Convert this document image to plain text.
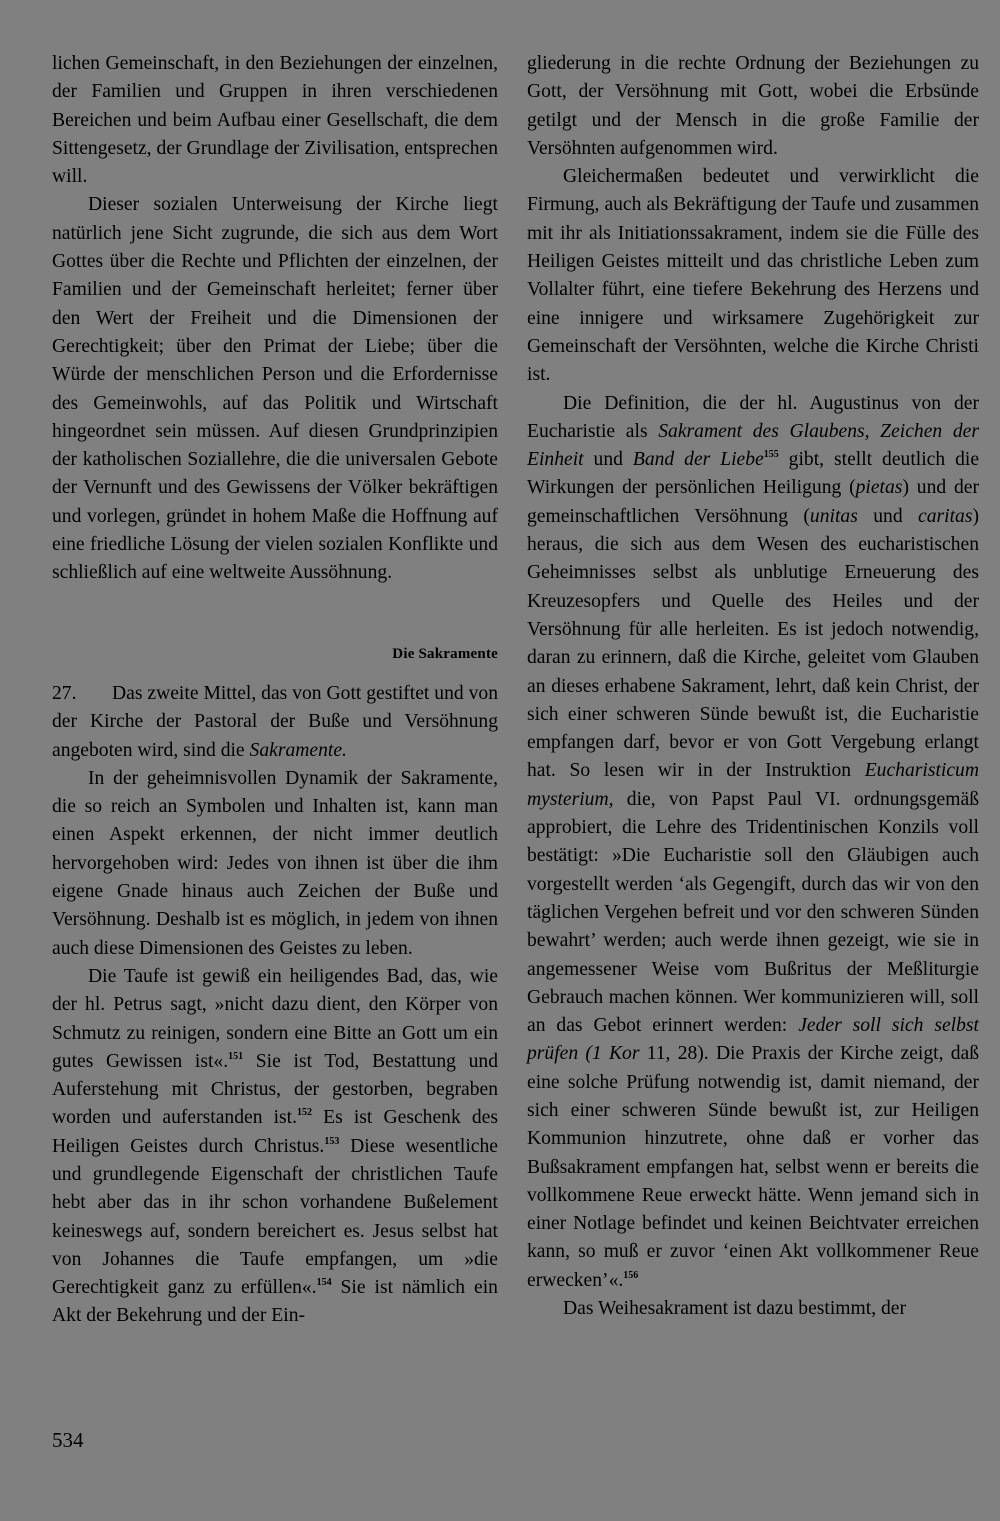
lichen Gemeinschaft, in den Beziehungen der einzelnen, der Familien und Gruppen in ihren verschiedenen Bereichen und beim Aufbau einer Gesellschaft, die dem Sittengesetz, der Grundlage der Zivilisation, entsprechen will.

Dieser sozialen Unterweisung der Kirche liegt natürlich jene Sicht zugrunde, die sich aus dem Wort Gottes über die Rechte und Pflichten der einzelnen, der Familien und der Gemeinschaft herleitet; ferner über den Wert der Freiheit und die Dimensionen der Gerechtigkeit; über den Primat der Liebe; über die Würde der menschlichen Person und die Erfordernisse des Gemeinwohls, auf das Politik und Wirtschaft hingeordnet sein müssen. Auf diesen Grundprinzipien der katholischen Soziallehre, die die universalen Gebote der Vernunft und des Gewissens der Völker bekräftigen und vorlegen, gründet in hohem Maße die Hoffnung auf eine friedliche Lösung der vielen sozialen Konflikte und schließlich auf eine weltweite Aussöhnung.

Die Sakramente

27. Das zweite Mittel, das von Gott gestiftet und von der Kirche der Pastoral der Buße und Versöhnung angeboten wird, sind die Sakramente.

In der geheimnisvollen Dynamik der Sakramente, die so reich an Symbolen und Inhalten ist, kann man einen Aspekt erkennen, der nicht immer deutlich hervorgehoben wird: Jedes von ihnen ist über die ihm eigene Gnade hinaus auch Zeichen der Buße und Versöhnung. Deshalb ist es möglich, in jedem von ihnen auch diese Dimensionen des Geistes zu leben.

Die Taufe ist gewiß ein heiligendes Bad, das, wie der hl. Petrus sagt, »nicht dazu dient, den Körper von Schmutz zu reinigen, sondern eine Bitte an Gott um ein gutes Gewissen ist«.$^{151}$ Sie ist Tod, Bestattung und Auferstehung mit Christus, der gestorben, begraben worden und auferstanden ist.$^{152}$ Es ist Geschenk des Heiligen Geistes durch Christus.$^{153}$ Diese wesentliche und grundlegende Eigenschaft der christlichen Taufe hebt aber das in ihr schon vorhandene Bußelement keineswegs auf, sondern bereichert es. Jesus selbst hat von Johannes die Taufe empfangen, um »die Gerechtigkeit ganz zu erfüllen«.$^{154}$ Sie ist nämlich ein Akt der Bekehrung und der Ein-

gliederung in die rechte Ordnung der Beziehungen zu Gott, der Versöhnung mit Gott, wobei die Erbsünde getilgt und der Mensch in die große Familie der Versöhnten aufgenommen wird.

Gleichermaßen bedeutet und verwirklicht die Firmung, auch als Bekräftigung der Taufe und zusammen mit ihr als Initiationssakrament, indem sie die Fülle des Heiligen Geistes mitteilt und das christliche Leben zum Vollalter führt, eine tiefere Bekehrung des Herzens und eine innigere und wirksamere Zugehörigkeit zur Gemeinschaft der Versöhnten, welche die Kirche Christi ist.

Die Definition, die der hl. Augustinus von der Eucharistie als Sakrament des Glaubens, Zeichen der Einheit und Band der Liebe$^{155}$ gibt, stellt deutlich die Wirkungen der persönlichen Heiligung (pietas) und der gemeinschaftlichen Versöhnung (unitas und caritas) heraus, die sich aus dem Wesen des eucharistischen Geheimnisses selbst als unblutige Erneuerung des Kreuzesopfers und Quelle des Heiles und der Versöhnung für alle herleiten. Es ist jedoch notwendig, daran zu erinnern, daß die Kirche, geleitet vom Glauben an dieses erhabene Sakrament, lehrt, daß kein Christ, der sich einer schweren Sünde bewußt ist, die Eucharistie empfangen darf, bevor er von Gott Vergebung erlangt hat. So lesen wir in der Instruktion Eucharisticum mysterium, die, von Papst Paul VI. ordnungsgemäß approbiert, die Lehre des Tridentinischen Konzils voll bestätigt: »Die Eucharistie soll den Gläubigen auch vorgestellt werden ‘als Gegengift, durch das wir von den täglichen Vergehen befreit und vor den schweren Sünden bewahrt’ werden; auch werde ihnen gezeigt, wie sie in angemessener Weise vom Bußritus der Meßliturgie Gebrauch machen können. Wer kommunizieren will, soll an das Gebot erinnert werden: Jeder soll sich selbst prüfen (1 Kor 11, 28). Die Praxis der Kirche zeigt, daß eine solche Prüfung notwendig ist, damit niemand, der sich einer schweren Sünde bewußt ist, zur Heiligen Kommunion hinzutrete, ohne daß er vorher das Bußsakrament empfangen hat, selbst wenn er bereits die vollkommene Reue erweckt hätte. Wenn jemand sich in einer Notlage befindet und keinen Beichtvater erreichen kann, so muß er zuvor ‘einen Akt vollkommener Reue erwecken’«.$^{156}$

Das Weihesakrament ist dazu bestimmt, der

534
